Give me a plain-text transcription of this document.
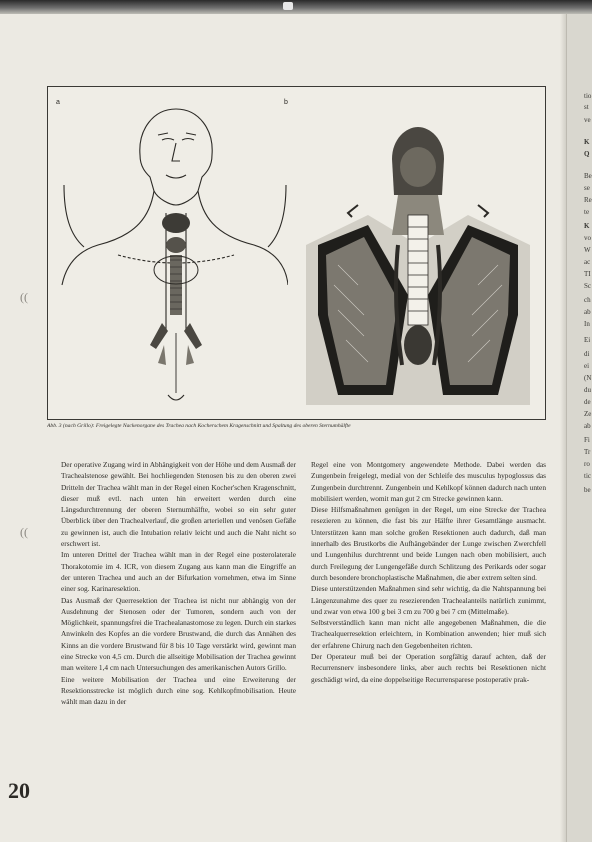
a	b
Abb. 3 (nach Grillo): Freigelegte Nackenorgane des Trachea nach Kocherschem Kragenschnitt und Spaltung des oberen Sternumhälfte
((
((

Der operative Zugang wird in Abhängigkeit von der Höhe und dem Ausmaß der Trachealstenose gewählt. Bei hochliegenden Stenosen bis zu den oberen zwei Dritteln der Trachea wählt man in der Regel einen Kocher'schen Kragenschnitt, dieser muß evtl. nach unten hin erweitert werden durch eine Längsdurchtrennung der oberen Sternumhälfte, wobei so ein sehr guter Überblick über den Trachealverlauf, die großen arteriellen und venösen Gefäße zu gewinnen ist, auch die Intubation relativ leicht und auch die Naht nicht so erschwert ist.

Im unteren Drittel der Trachea wählt man in der Regel eine posterolaterale Thorakotomie im 4. ICR, von diesem Zugang aus kann man die Eingriffe an der unteren Trachea und auch an der Bifurkation vornehmen, etwa im Sinne einer sog. Karinaresektion.

Das Ausmaß der Querresektion der Trachea ist nicht nur abhängig von der Ausdehnung der Stenosen oder der Tumoren, sondern auch von der Möglichkeit, spannungsfrei die Trachealanastomose zu legen. Durch ein starkes Anwinkeln des Kopfes an die vordere Brustwand, die durch das Annähen des Kinns an die vordere Brustwand für 8 bis 10 Tage verstärkt wird, gewinnt man eine Strecke von 4,5 cm. Durch die allseitige Mobilisation der Trachea gewinnt man weitere 1,4 cm nach Untersuchungen des amerikanischen Autors Grillo.

Eine weitere Mobilisation der Trachea und eine Erweiterung der Resektionsstrecke ist möglich durch eine sog. Kehlkopfmobilisation. Heute wählt man dazu in der

Regel eine von Montgomery angewendete Methode. Dabei werden das Zungenbein freigelegt, medial von der Schleife des musculus hypoglossus das Zungenbein durchtrennt. Zungenbein und Kehlkopf können dadurch nach unten mobilisiert werden, womit man gut 2 cm Strecke gewinnen kann.

Diese Hilfsmaßnahmen genügen in der Regel, um eine Strecke der Trachea resezieren zu können, die fast bis zur Hälfte ihrer Gesamtlänge ausmacht. Unterstützen kann man solche großen Resektionen auch dadurch, daß man innerhalb des Brustkorbs die Aufhängebänder der Lunge zwischen Zwerchfell und Lungenhilus durchtrennt und beide Lungen nach oben mobilisiert, auch durch Freilegung der Lungengefäße durch Schlitzung des Perikards oder sogar durch besondere bronchoplastische Maßnahmen, die aber extrem selten sind.

Diese unterstützenden Maßnahmen sind sehr wichtig, da die Nahtspannung bei Längenzunahme des quer zu resezierenden Trachealanteils natürlich zunimmt, und zwar von etwa 100 g bei 3 cm zu 700 g bei 7 cm (Mittelmaße).

Selbstverständlich kann man nicht alle angegebenen Maßnahmen, die die Trachealquerresektion erleichtern, in Kombination anwenden; hier muß sich der erfahrene Chirurg nach den Gegebenheiten richten.

Der Operateur muß bei der Operation sorgfältig darauf achten, daß der Recurrensnerv insbesondere links, aber auch rechts bei Resektionen nicht geschädigt wird, da eine doppelseitige Recurrensparese postoperativ prak-

20
tio
st
ve
K
Q
Be
se
Re
te
K
vo
W
ac
TI
Sc
ch
ab
In
Ei
di
ei
(N
du
de
Ze
ab
Fi
Tr
ro
tic
be
